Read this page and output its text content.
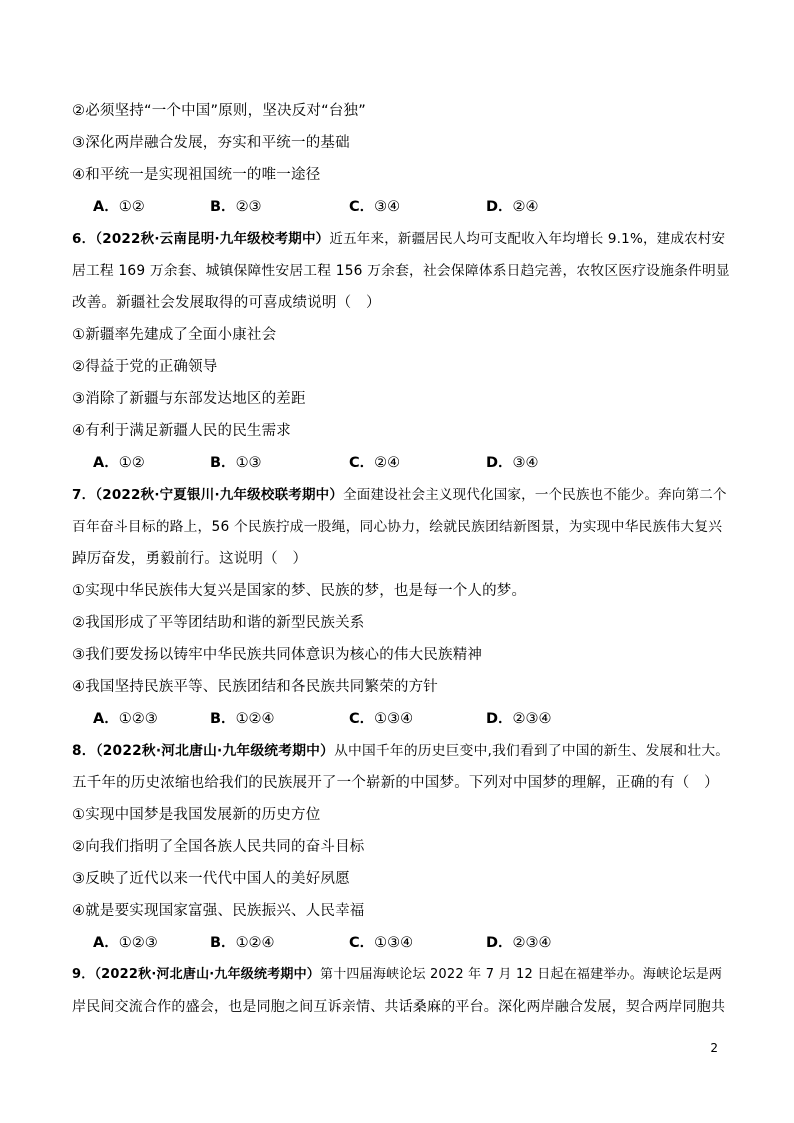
②必须坚持“一个中国”原则，坚决反对“台独”
③深化两岸融合发展，夯实和平统一的基础
④和平统一是实现祖国统一的唯一途径
A．①②	B．②③	C．③④	D．②④
6．（2022秋·云南昆明·九年级校考期中）近五年来，新疆居民人均可支配收入年均增长 9.1%，建成农村安
居工程 169 万余套、城镇保障性安居工程 156 万余套，社会保障体系日趋完善，农牧区医疗设施条件明显
改善。新疆社会发展取得的可喜成绩说明（　）
①新疆率先建成了全面小康社会
②得益于党的正确领导
③消除了新疆与东部发达地区的差距
④有利于满足新疆人民的民生需求
A．①②	B．①③	C．②④	D．③④
7．（2022秋·宁夏银川·九年级校联考期中）全面建设社会主义现代化国家，一个民族也不能少。奔向第二个
百年奋斗目标的路上，56 个民族拧成一股绳，同心协力，绘就民族团结新图景，为实现中华民族伟大复兴
踔厉奋发，勇毅前行。这说明（　）
①实现中华民族伟大复兴是国家的梦、民族的梦，也是每一个人的梦。
②我国形成了平等团结助和谐的新型民族关系
③我们要发扬以铸牢中华民族共同体意识为核心的伟大民族精神
④我国坚持民族平等、民族团结和各民族共同繁荣的方针
A．①②③	B．①②④	C．①③④	D．②③④
8．（2022秋·河北唐山·九年级统考期中）从中国千年的历史巨变中,我们看到了中国的新生、发展和壮大。
五千年的历史浓缩也给我们的民族展开了一个崭新的中国梦。下列对中国梦的理解，正确的有（　）
①实现中国梦是我国发展新的历史方位
②向我们指明了全国各族人民共同的奋斗目标
③反映了近代以来一代代中国人的美好夙愿
④就是要实现国家富强、民族振兴、人民幸福
A．①②③	B．①②④	C．①③④	D．②③④
9．（2022秋·河北唐山·九年级统考期中）第十四届海峡论坛 2022 年 7 月 12 日起在福建举办。海峡论坛是两
岸民间交流合作的盛会，也是同胞之间互诉亲情、共话桑麻的平台。深化两岸融合发展，契合两岸同胞共
2
